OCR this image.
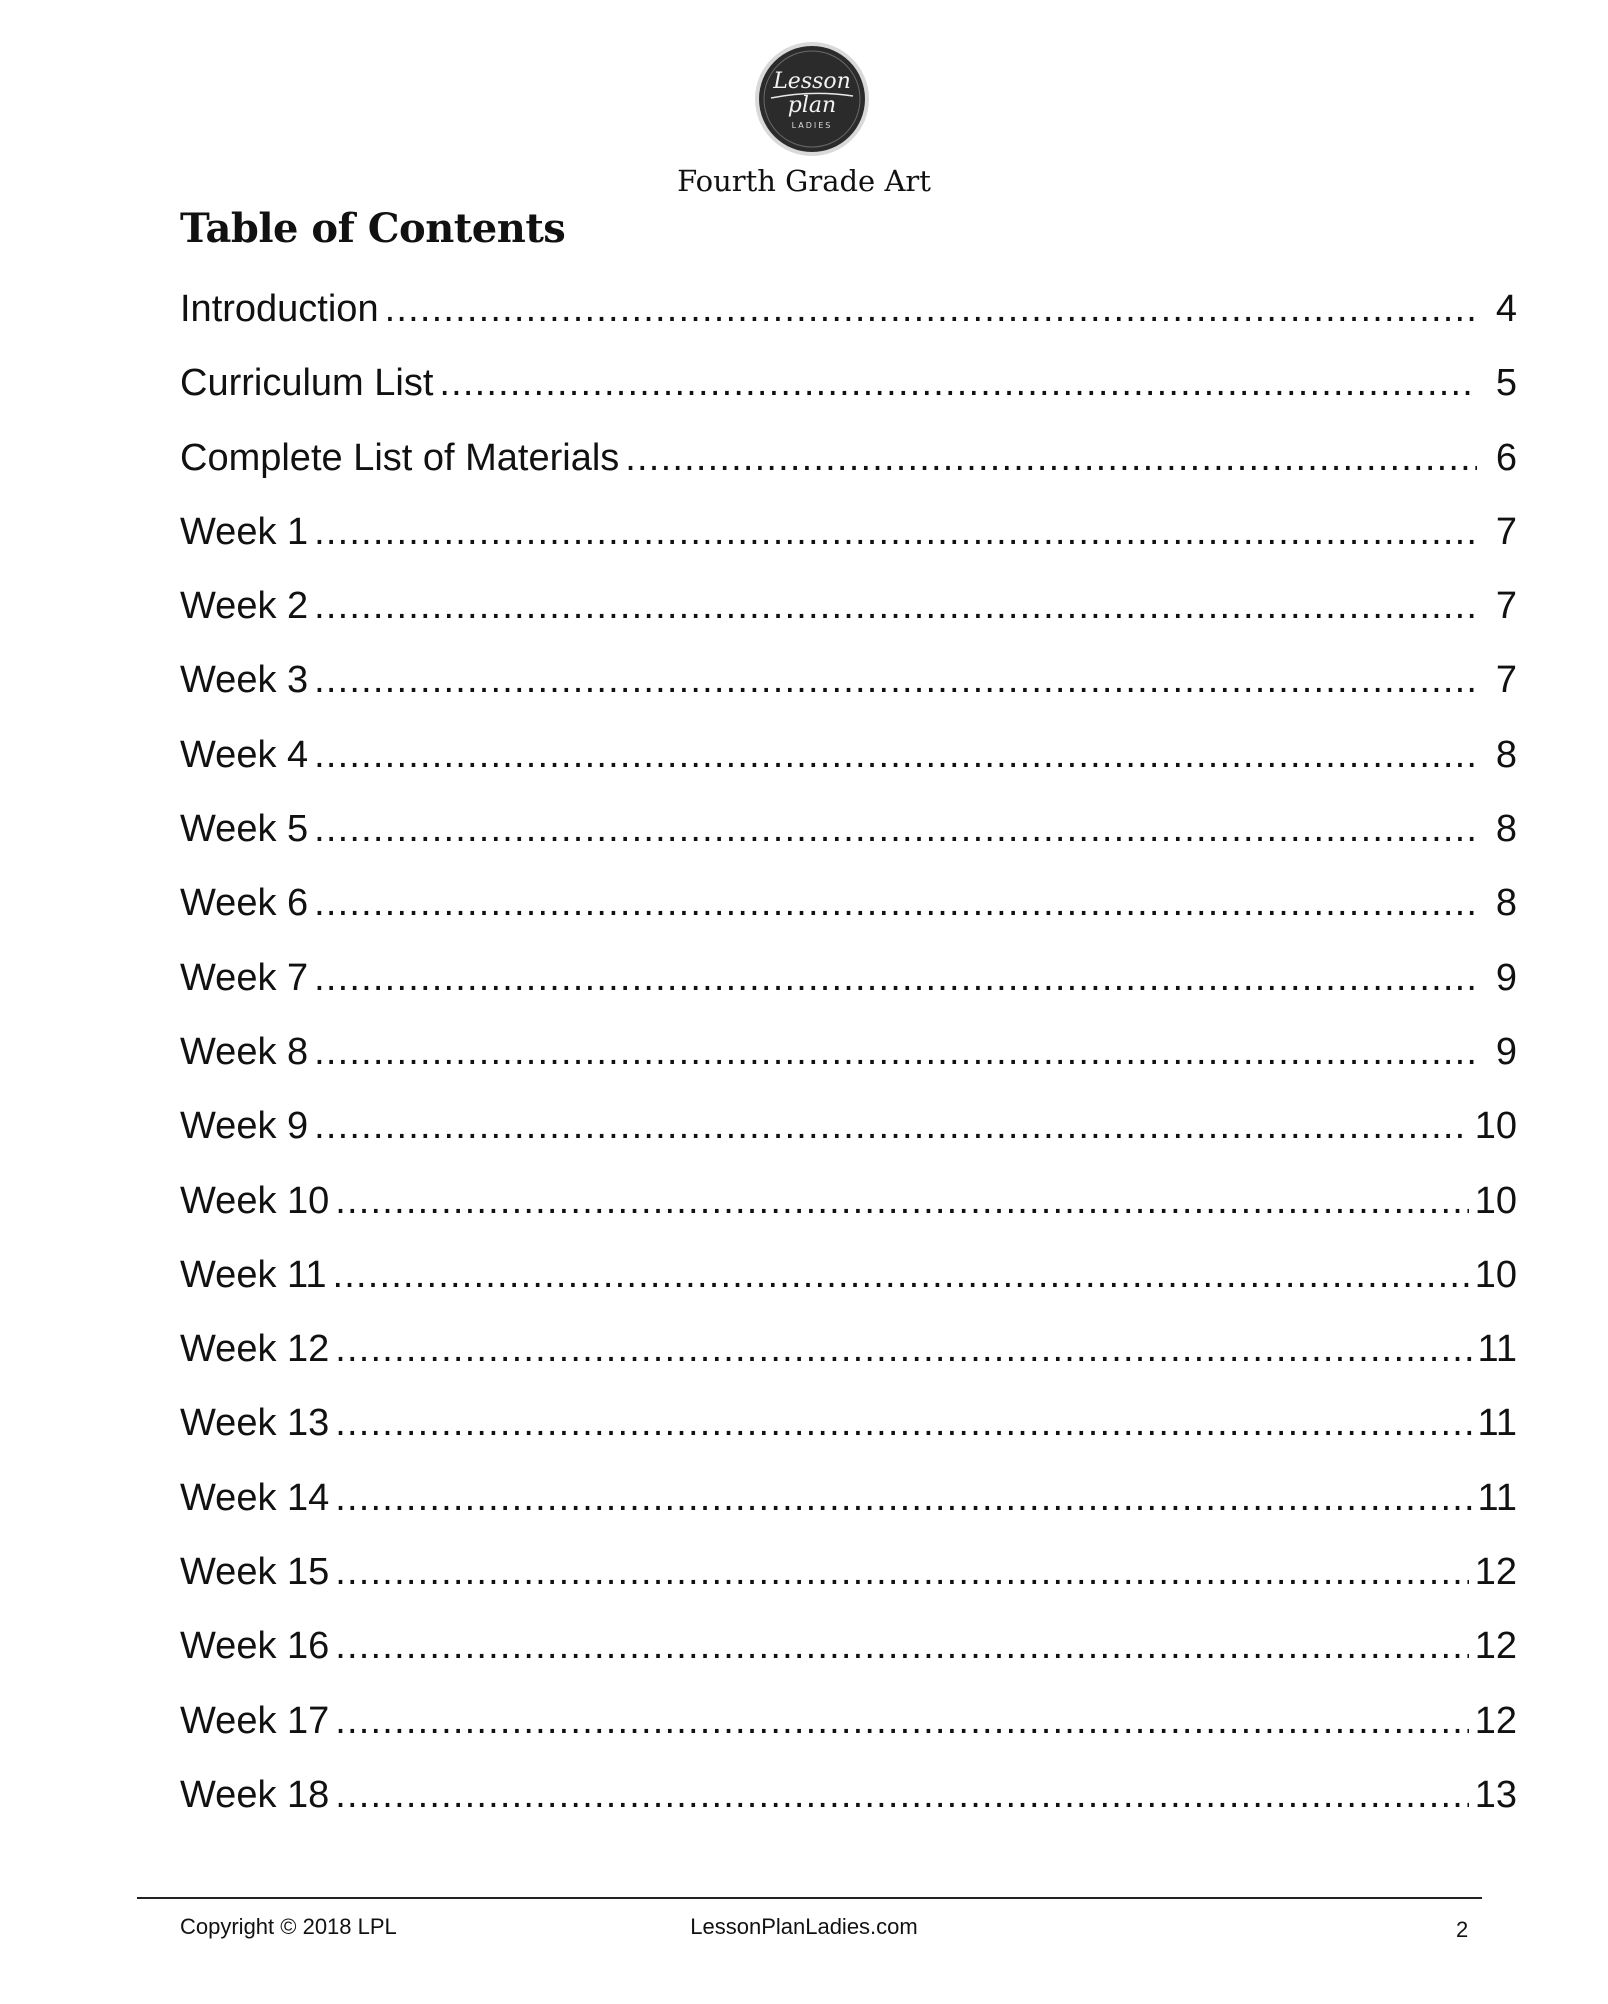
Lesson
plan
LADIES
Fourth Grade Art
Table of Contents
Introduction .....	4
Curriculum List .....	5
Complete List of Materials .....	6
Week 1 .....	7
Week 2 .....	7
Week 3 .....	7
Week 4 .....	8
Week 5 .....	8
Week 6 .....	8
Week 7 .....	9
Week 8 .....	9
Week 9 .....	10
Week 10 .....	10
Week 11 .....	10
Week 12 .....	11
Week 13 .....	11
Week 14 .....	11
Week 15 .....	12
Week 16 .....	12
Week 17 .....	12
Week 18 .....	13
Copyright © 2018 LPL	LessonPlanLadies.com	2
